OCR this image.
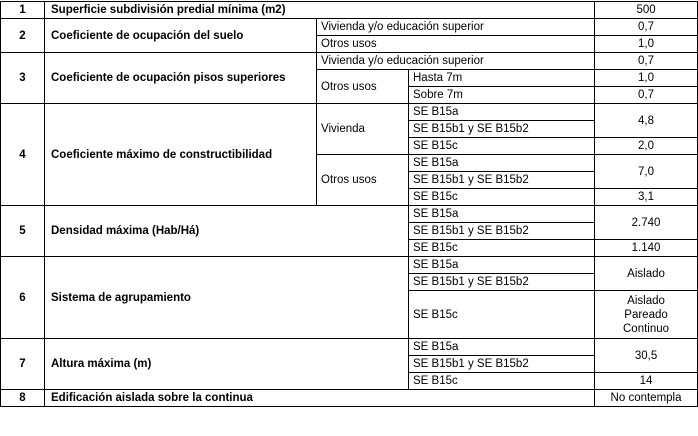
1	Superficie subdivisión predial mínima (m2)			500
2	Coeficiente de ocupación del suelo	Vivienda y/o educación superior		0,7
		Otros usos		1,0
3	Coeficiente de ocupación pisos superiores	Vivienda y/o educación superior		0,7
		Otros usos	Hasta 7m	1,0
			Sobre 7m	0,7
4	Coeficiente máximo de constructibilidad	Vivienda	SE B15a	4,8
			SE B15b1 y SE B15b2	
			SE B15c	2,0
		Otros usos	SE B15a	7,0
			SE B15b1 y SE B15b2	
			SE B15c	3,1
5	Densidad máxima (Hab/Há)		SE B15a	2.740
			SE B15b1 y SE B15b2	
			SE B15c	1.140
6	Sistema de agrupamiento		SE B15a	Aislado
			SE B15b1 y SE B15b2	
			SE B15c	Aislado
Pareado
Continuo

7	Altura máxima (m)		SE B15a	30,5
			SE B15b1 y SE B15b2	
			SE B15c	14
8	Edificación aislada sobre la continua			No contempla
